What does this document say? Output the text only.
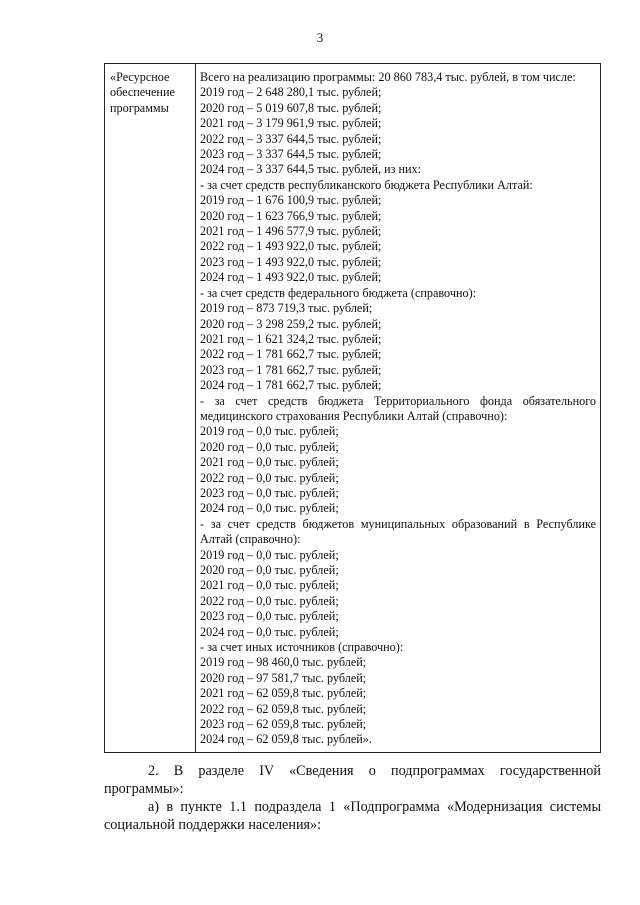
3
«Ресурсное обеспечение программы

Всего на реализацию программы: 20 860 783,4 тыс. рублей, в том числе:
2019 год – 2 648 280,1 тыс. рублей;
2020 год – 5 019 607,8 тыс. рублей;
2021 год – 3 179 961,9 тыс. рублей;
2022 год – 3 337 644,5 тыс. рублей;
2023 год – 3 337 644,5 тыс. рублей;
2024 год – 3 337 644,5 тыс. рублей, из них:
- за счет средств республиканского бюджета Республики Алтай:
2019 год – 1 676 100,9 тыс. рублей;
2020 год – 1 623 766,9 тыс. рублей;
2021 год – 1 496 577,9 тыс. рублей;
2022 год – 1 493 922,0 тыс. рублей;
2023 год – 1 493 922,0 тыс. рублей;
2024 год – 1 493 922,0 тыс. рублей;
- за счет средств федерального бюджета (справочно):
2019 год – 873 719,3 тыс. рублей;
2020 год – 3 298 259,2 тыс. рублей;
2021 год – 1 621 324,2 тыс. рублей;
2022 год – 1 781 662,7 тыс. рублей;
2023 год – 1 781 662,7 тыс. рублей;
2024 год – 1 781 662,7 тыс. рублей;
- за счет средств бюджета Территориального фонда обязательного медицинского страхования Республики Алтай (справочно):
2019 год – 0,0 тыс. рублей;
2020 год – 0,0 тыс. рублей;
2021 год – 0,0 тыс. рублей;
2022 год – 0,0 тыс. рублей;
2023 год – 0,0 тыс. рублей;
2024 год – 0,0 тыс. рублей;
- за счет средств бюджетов муниципальных образований в Республике Алтай (справочно):
2019 год – 0,0 тыс. рублей;
2020 год – 0,0 тыс. рублей;
2021 год – 0,0 тыс. рублей;
2022 год – 0,0 тыс. рублей;
2023 год – 0,0 тыс. рублей;
2024 год – 0,0 тыс. рублей;
- за счет иных источников (справочно):
2019 год – 98 460,0 тыс. рублей;
2020 год – 97 581,7 тыс. рублей;
2021 год – 62 059,8 тыс. рублей;
2022 год – 62 059,8 тыс. рублей;
2023 год – 62 059,8 тыс. рублей;
2024 год – 62 059,8 тыс. рублей».
2. В разделе IV «Сведения о подпрограммах государственной программы»:
а) в пункте 1.1 подраздела 1 «Подпрограмма «Модернизация системы социальной поддержки населения»:
